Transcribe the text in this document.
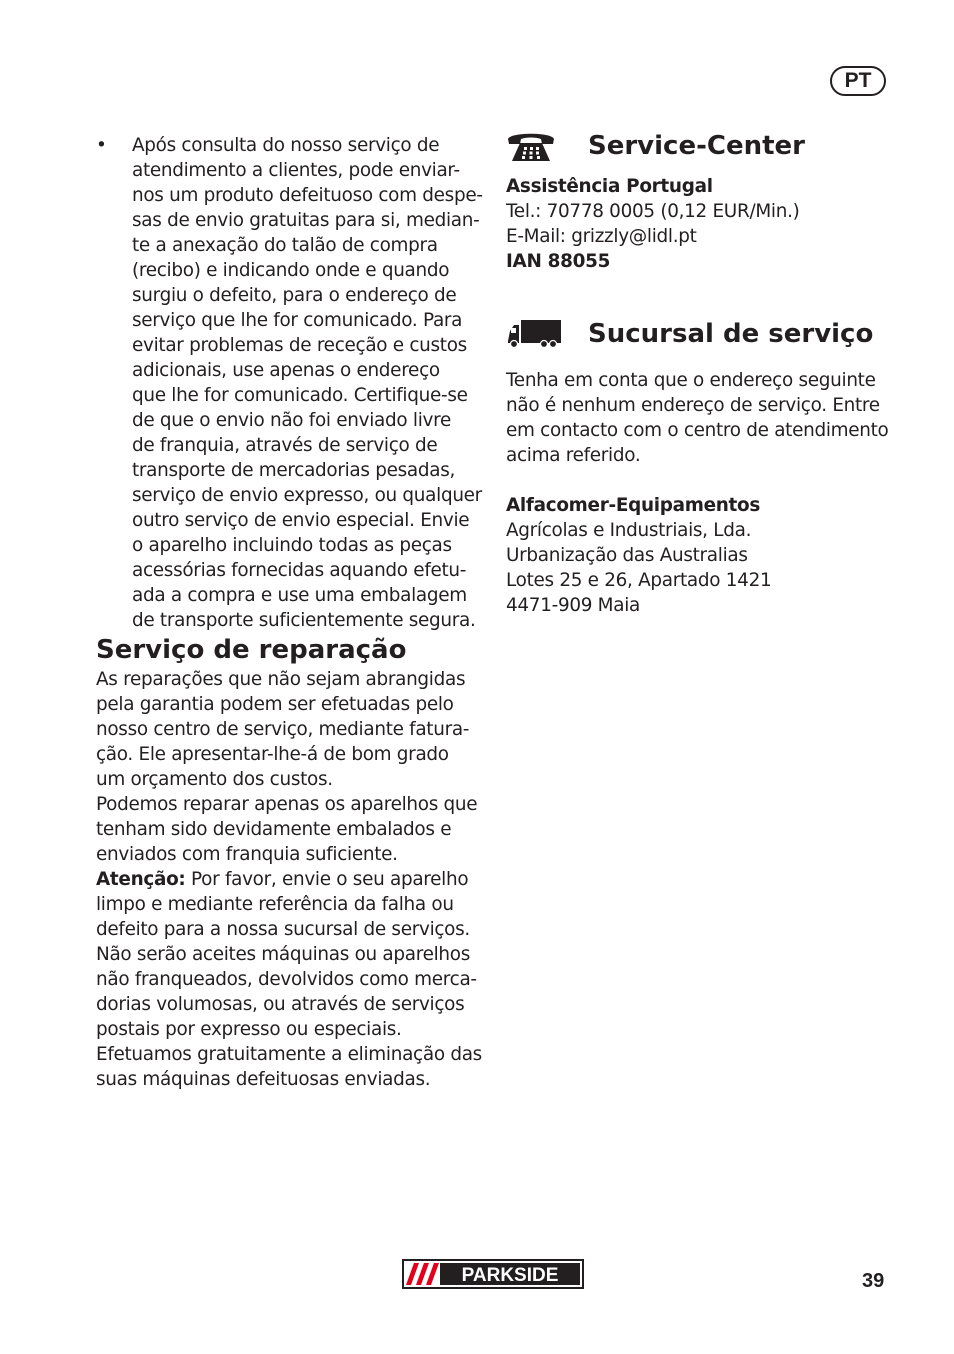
PT
• Após consulta do nosso serviço de
atendimento a clientes, pode enviar-
nos um produto defeituoso com despe-
sas de envio gratuitas para si, median-
te a anexação do talão de compra
(recibo) e indicando onde e quando
surgiu o defeito, para o endereço de
serviço que lhe for comunicado. Para
evitar problemas de receção e custos
adicionais, use apenas o endereço
que lhe for comunicado. Certifique-se
de que o envio não foi enviado livre
de franquia, através de serviço de
transporte de mercadorias pesadas,
serviço de envio expresso, ou qualquer
outro serviço de envio especial. Envie
o aparelho incluindo todas as peças
acessórias fornecidas aquando efetu-
ada a compra e use uma embalagem
de transporte suficientemente segura.
Serviço de reparação
As reparações que não sejam abrangidas
pela garantia podem ser efetuadas pelo
nosso centro de serviço, mediante fatura-
ção. Ele apresentar-lhe-á de bom grado
um orçamento dos custos.
Podemos reparar apenas os aparelhos que
tenham sido devidamente embalados e
enviados com franquia suficiente.
Atenção: Por favor, envie o seu aparelho
limpo e mediante referência da falha ou
defeito para a nossa sucursal de serviços.
Não serão aceites máquinas ou aparelhos
não franqueados, devolvidos como merca-
dorias volumosas, ou através de serviços
postais por expresso ou especiais.
Efetuamos gratuitamente a eliminação das
suas máquinas defeituosas enviadas.
Service-Center
Assistência Portugal
Tel.: 70778 0005 (0,12 EUR/Min.)
E-Mail: grizzly@lidl.pt
IAN 88055
Sucursal de serviço
Tenha em conta que o endereço seguinte
não é nenhum endereço de serviço. Entre
em contacto com o centro de atendimento
acima referido.
Alfacomer-Equipamentos
Agrícolas e Industriais, Lda.
Urbanização das Australias
Lotes 25 e 26, Apartado 1421
4471-909 Maia
PARKSIDE	39
